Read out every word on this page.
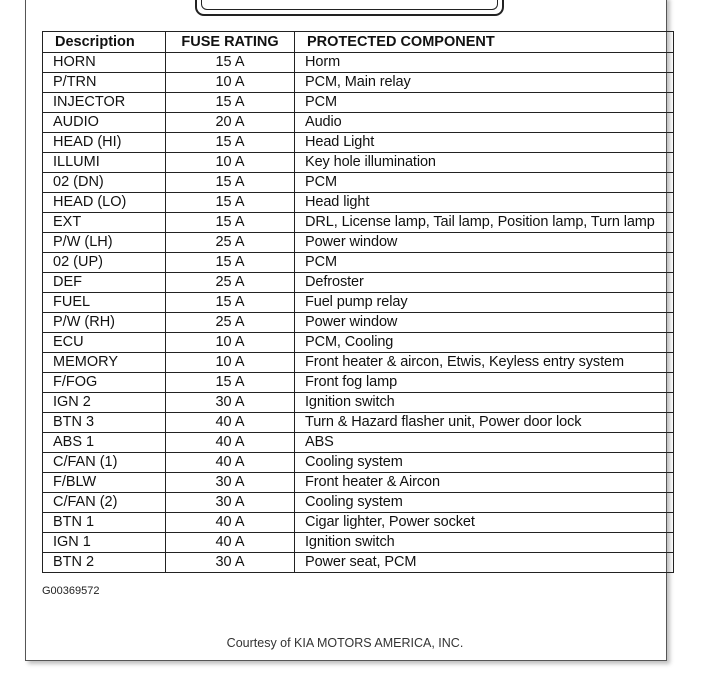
Description	FUSE RATING	PROTECTED COMPONENT
HORN	15 A	Horm
P/TRN	10 A	PCM, Main relay
INJECTOR	15 A	PCM
AUDIO	20 A	Audio
HEAD (HI)	15 A	Head Light
ILLUMI	10 A	Key hole illumination
02 (DN)	15 A	PCM
HEAD (LO)	15 A	Head light
EXT	15 A	DRL, License lamp, Tail lamp, Position lamp, Turn lamp
P/W (LH)	25 A	Power window
02 (UP)	15 A	PCM
DEF	25 A	Defroster
FUEL	15 A	Fuel pump relay
P/W (RH)	25 A	Power window
ECU	10 A	PCM, Cooling
MEMORY	10 A	Front heater & aircon, Etwis, Keyless entry system
F/FOG	15 A	Front fog lamp
IGN 2	30 A	Ignition switch
BTN 3	40 A	Turn & Hazard flasher unit, Power door lock
ABS 1	40 A	ABS
C/FAN (1)	40 A	Cooling system
F/BLW	30 A	Front heater & Aircon
C/FAN (2)	30 A	Cooling system
BTN 1	40 A	Cigar lighter, Power socket
IGN 1	40 A	Ignition switch
BTN 2	30 A	Power seat, PCM
G00369572
Courtesy of KIA MOTORS AMERICA, INC.
